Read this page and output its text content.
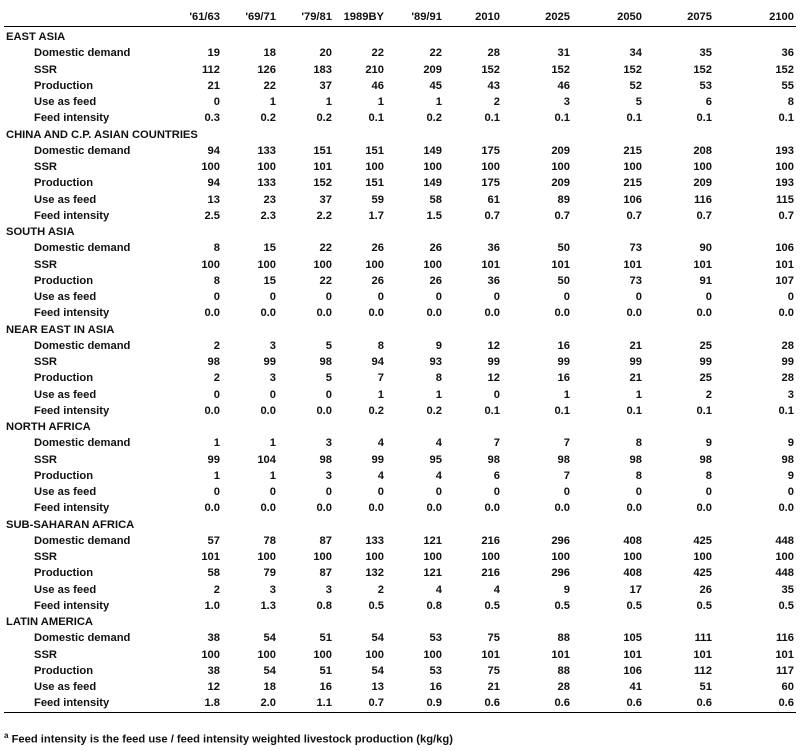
	'61/63	'69/71	'79/81	1989BY	'89/91	2010	2025	2050	2075	2100
EAST ASIA										
Domestic demand	19	18	20	22	22	28	31	34	35	36
SSR	112	126	183	210	209	152	152	152	152	152
Production	21	22	37	46	45	43	46	52	53	55
Use as feed	0	1	1	1	1	2	3	5	6	8
Feed intensity	0.3	0.2	0.2	0.1	0.2	0.1	0.1	0.1	0.1	0.1
CHINA AND C.P. ASIAN COUNTRIES										
Domestic demand	94	133	151	151	149	175	209	215	208	193
SSR	100	100	101	100	100	100	100	100	100	100
Production	94	133	152	151	149	175	209	215	209	193
Use as feed	13	23	37	59	58	61	89	106	116	115
Feed intensity	2.5	2.3	2.2	1.7	1.5	0.7	0.7	0.7	0.7	0.7
SOUTH ASIA										
Domestic demand	8	15	22	26	26	36	50	73	90	106
SSR	100	100	100	100	100	101	101	101	101	101
Production	8	15	22	26	26	36	50	73	91	107
Use as feed	0	0	0	0	0	0	0	0	0	0
Feed intensity	0.0	0.0	0.0	0.0	0.0	0.0	0.0	0.0	0.0	0.0
NEAR EAST IN ASIA										
Domestic demand	2	3	5	8	9	12	16	21	25	28
SSR	98	99	98	94	93	99	99	99	99	99
Production	2	3	5	7	8	12	16	21	25	28
Use as feed	0	0	0	1	1	0	1	1	2	3
Feed intensity	0.0	0.0	0.0	0.2	0.2	0.1	0.1	0.1	0.1	0.1
NORTH AFRICA										
Domestic demand	1	1	3	4	4	7	7	8	9	9
SSR	99	104	98	99	95	98	98	98	98	98
Production	1	1	3	4	4	6	7	8	8	9
Use as feed	0	0	0	0	0	0	0	0	0	0
Feed intensity	0.0	0.0	0.0	0.0	0.0	0.0	0.0	0.0	0.0	0.0
SUB-SAHARAN AFRICA										
Domestic demand	57	78	87	133	121	216	296	408	425	448
SSR	101	100	100	100	100	100	100	100	100	100
Production	58	79	87	132	121	216	296	408	425	448
Use as feed	2	3	3	2	4	4	9	17	26	35
Feed intensity	1.0	1.3	0.8	0.5	0.8	0.5	0.5	0.5	0.5	0.5
LATIN AMERICA										
Domestic demand	38	54	51	54	53	75	88	105	111	116
SSR	100	100	100	100	100	101	101	101	101	101
Production	38	54	51	54	53	75	88	106	112	117
Use as feed	12	18	16	13	16	21	28	41	51	60
Feed intensity	1.8	2.0	1.1	0.7	0.9	0.6	0.6	0.6	0.6	0.6
$^a$ Feed intensity is the feed use / feed intensity weighted livestock production (kg/kg)
